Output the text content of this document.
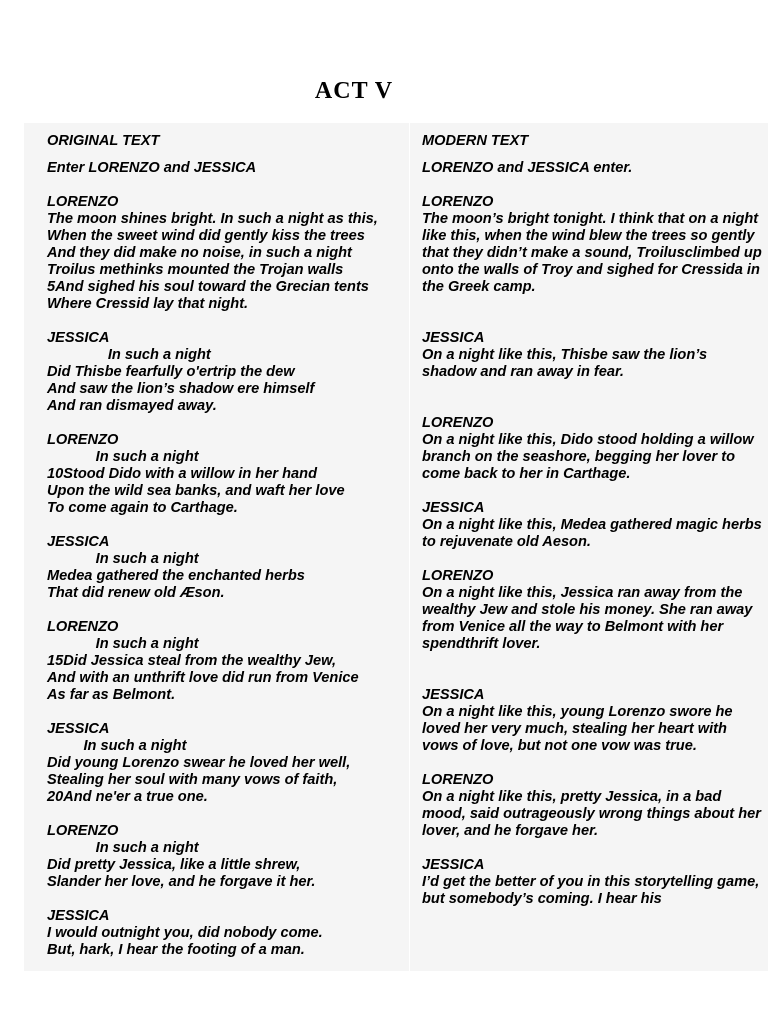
ACT V
ORIGINAL TEXT
Enter LORENZO and JESSICA
LORENZO
The moon shines bright. In such a night as this,
When the sweet wind did gently kiss the trees
And they did make no noise, in such a night
Troilus methinks mounted the Trojan walls
5And sighed his soul toward the Grecian tents
Where Cressid lay that night.
JESSICA
In such a night
Did Thisbe fearfully o'ertrip the dew
And saw the lion’s shadow ere himself
And ran dismayed away.
LORENZO
In such a night
10Stood Dido with a willow in her hand
Upon the wild sea banks, and waft her love
To come again to Carthage.
JESSICA
In such a night
Medea gathered the enchanted herbs
That did renew old Æson.
LORENZO
In such a night
15Did Jessica steal from the wealthy Jew,
And with an unthrift love did run from Venice
As far as Belmont.
JESSICA
In such a night
Did young Lorenzo swear he loved her well,
Stealing her soul with many vows of faith,
20And ne'er a true one.
LORENZO
In such a night
Did pretty Jessica, like a little shrew,
Slander her love, and he forgave it her.
JESSICA
I would outnight you, did nobody come.
But, hark, I hear the footing of a man.
MODERN TEXT
LORENZO and JESSICA enter.
LORENZO
The moon’s bright tonight. I think that on a night like this, when the wind blew the trees so gently that they didn’t make a sound, Troilusclimbed up onto the walls of Troy and sighed for Cressida in the Greek camp.
JESSICA
On a night like this, Thisbe saw the lion’s shadow and ran away in fear.
LORENZO
On a night like this, Dido stood holding a willow branch on the seashore, begging her lover to come back to her in Carthage.
JESSICA
On a night like this, Medea gathered magic herbs to rejuvenate old Aeson.
LORENZO
On a night like this, Jessica ran away from the wealthy Jew and stole his money. She ran away from Venice all the way to Belmont with her spendthrift lover.
JESSICA
On a night like this, young Lorenzo swore he loved her very much, stealing her heart with vows of love, but not one vow was true.
LORENZO
On a night like this, pretty Jessica, in a bad mood, said outrageously wrong things about her lover, and he forgave her.
JESSICA
I’d get the better of you in this storytelling game, but somebody’s coming. I hear his
